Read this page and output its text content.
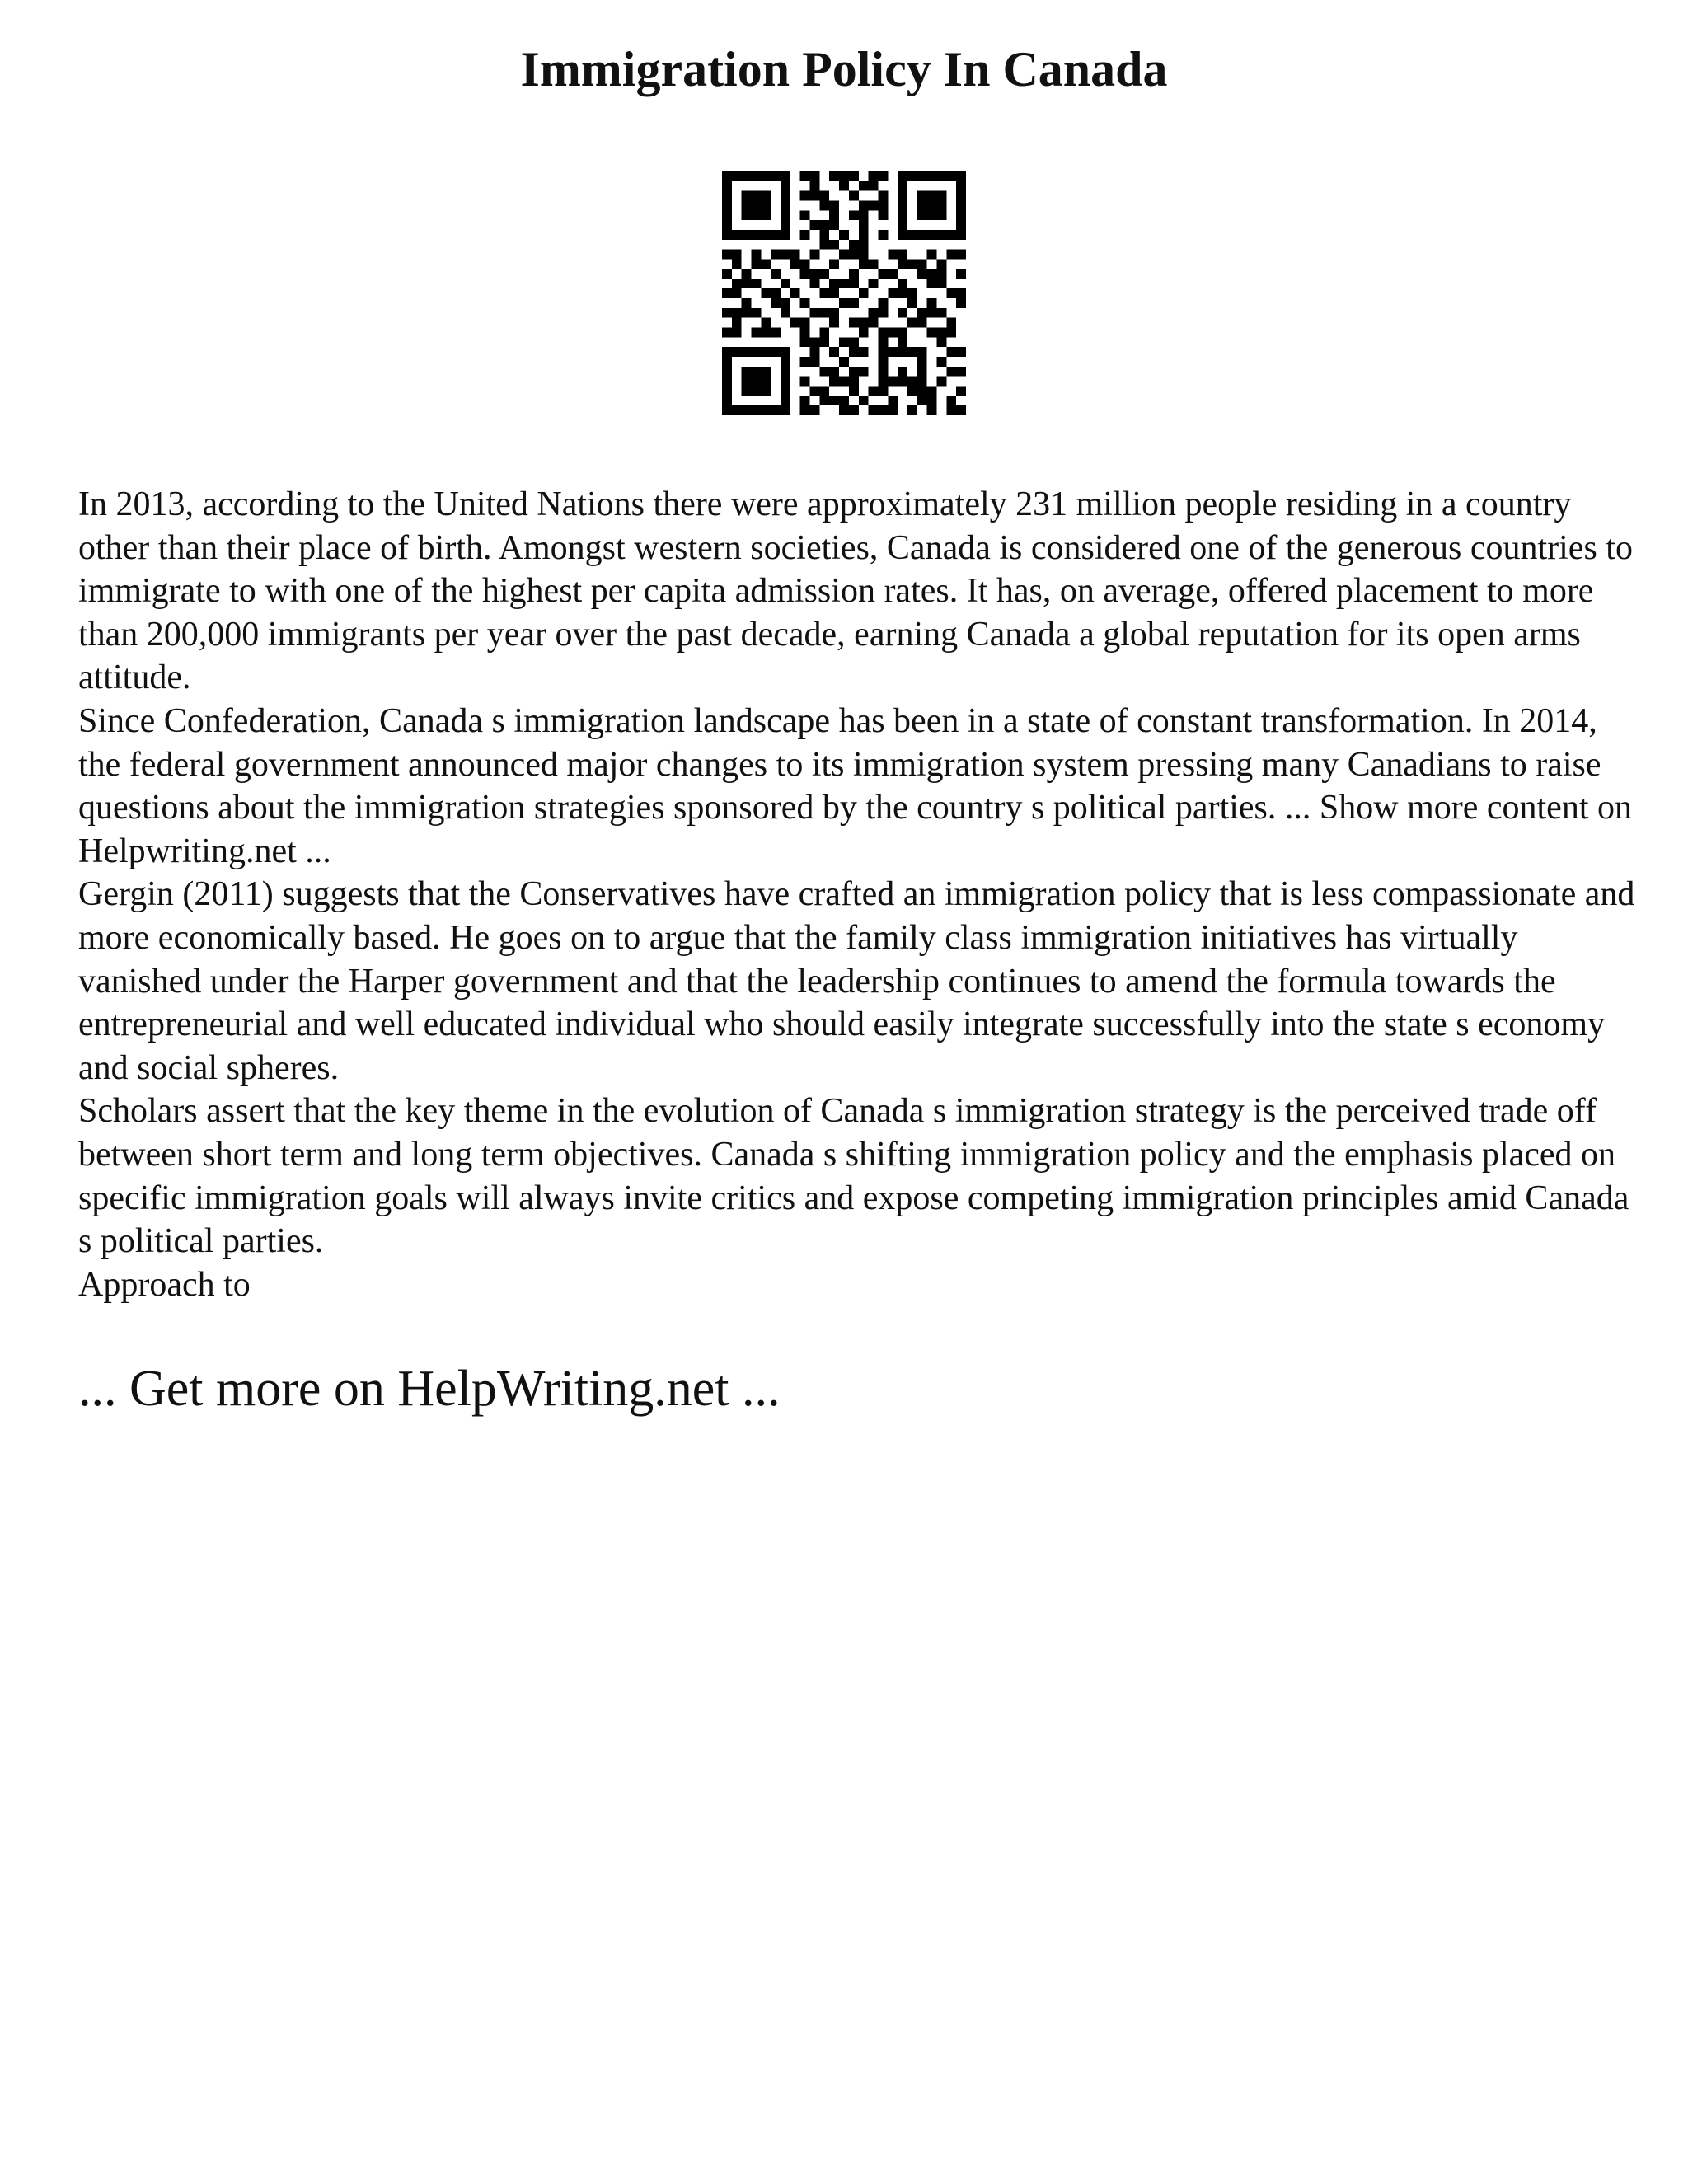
Immigration Policy In Canada

In 2013, according to the United Nations there were approximately 231 million people residing in a country other than their place of birth. Amongst western societies, Canada is considered one of the generous countries to immigrate to with one of the highest per capita admission rates. It has, on average, offered placement to more than 200,000 immigrants per year over the past decade, earning Canada a global reputation for its open arms attitude.

Since Confederation, Canada s immigration landscape has been in a state of constant transformation. In 2014, the federal government announced major changes to its immigration system pressing many Canadians to raise questions about the immigration strategies sponsored by the country s political parties. ... Show more content on Helpwriting.net ...

Gergin (2011) suggests that the Conservatives have crafted an immigration policy that is less compassionate and more economically based. He goes on to argue that the family class immigration initiatives has virtually vanished under the Harper government and that the leadership continues to amend the formula towards the entrepreneurial and well educated individual who should easily integrate successfully into the state s economy and social spheres.

Scholars assert that the key theme in the evolution of Canada s immigration strategy is the perceived trade off between short term and long term objectives. Canada s shifting immigration policy and the emphasis placed on specific immigration goals will always invite critics and expose competing immigration principles amid Canada s political parties.

Approach to

... Get more on HelpWriting.net ...
